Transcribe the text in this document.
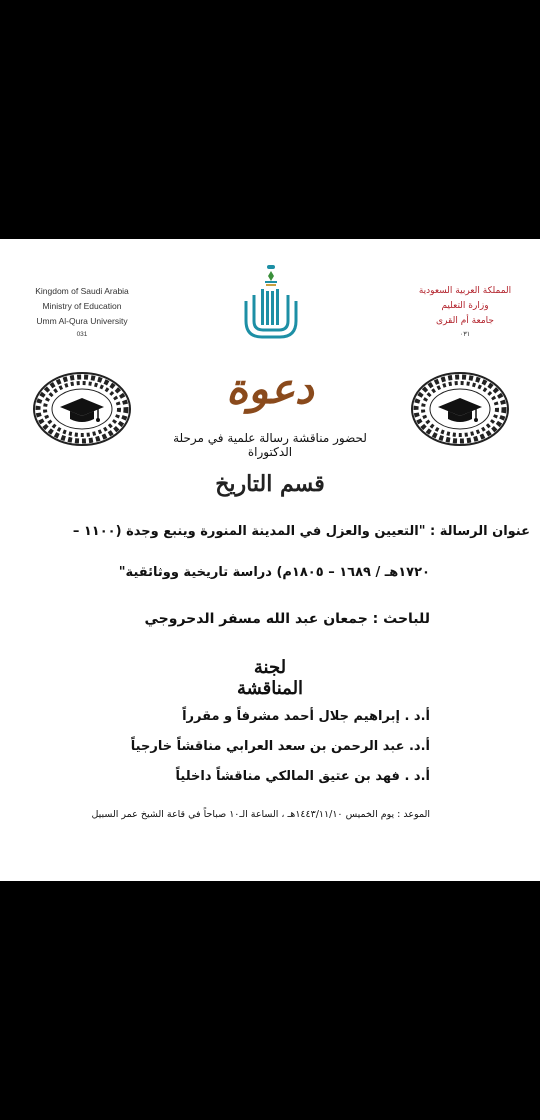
Kingdom of Saudi Arabia
Ministry of Education
Umm Al-Qura University
031
المملكة العربية السعودية
وزارة التعليم
جامعة أم القرى
٠٣١
دعوة
لحضور مناقشة رسالة علمية في مرحلة الدكتوراة
قسم التاريخ
عنوان الرسالة : "التعيين والعزل في المدينة المنورة وينبع وجدة (١١٠٠ –
١٧٢٠هـ / ١٦٨٩ – ١٨٠٥م) دراسة تاريخية ووثائقية"
للباحث : جمعان عبد الله مسفر الدحروجي
لجنة المناقشة
أ.د . إبراهيم جلال أحمد مشرفاً و مقرراً
أ.د. عبد الرحمن بن سعد العرابي مناقشاً خارجياً
أ.د . فهد بن عتيق المالكي مناقشاً داخلياً
الموعد : يوم الخميس ١٤٤٣/١١/١٠هـ ، الساعة الـ١٠ صباحاً في قاعة الشيخ عمر السبيل
